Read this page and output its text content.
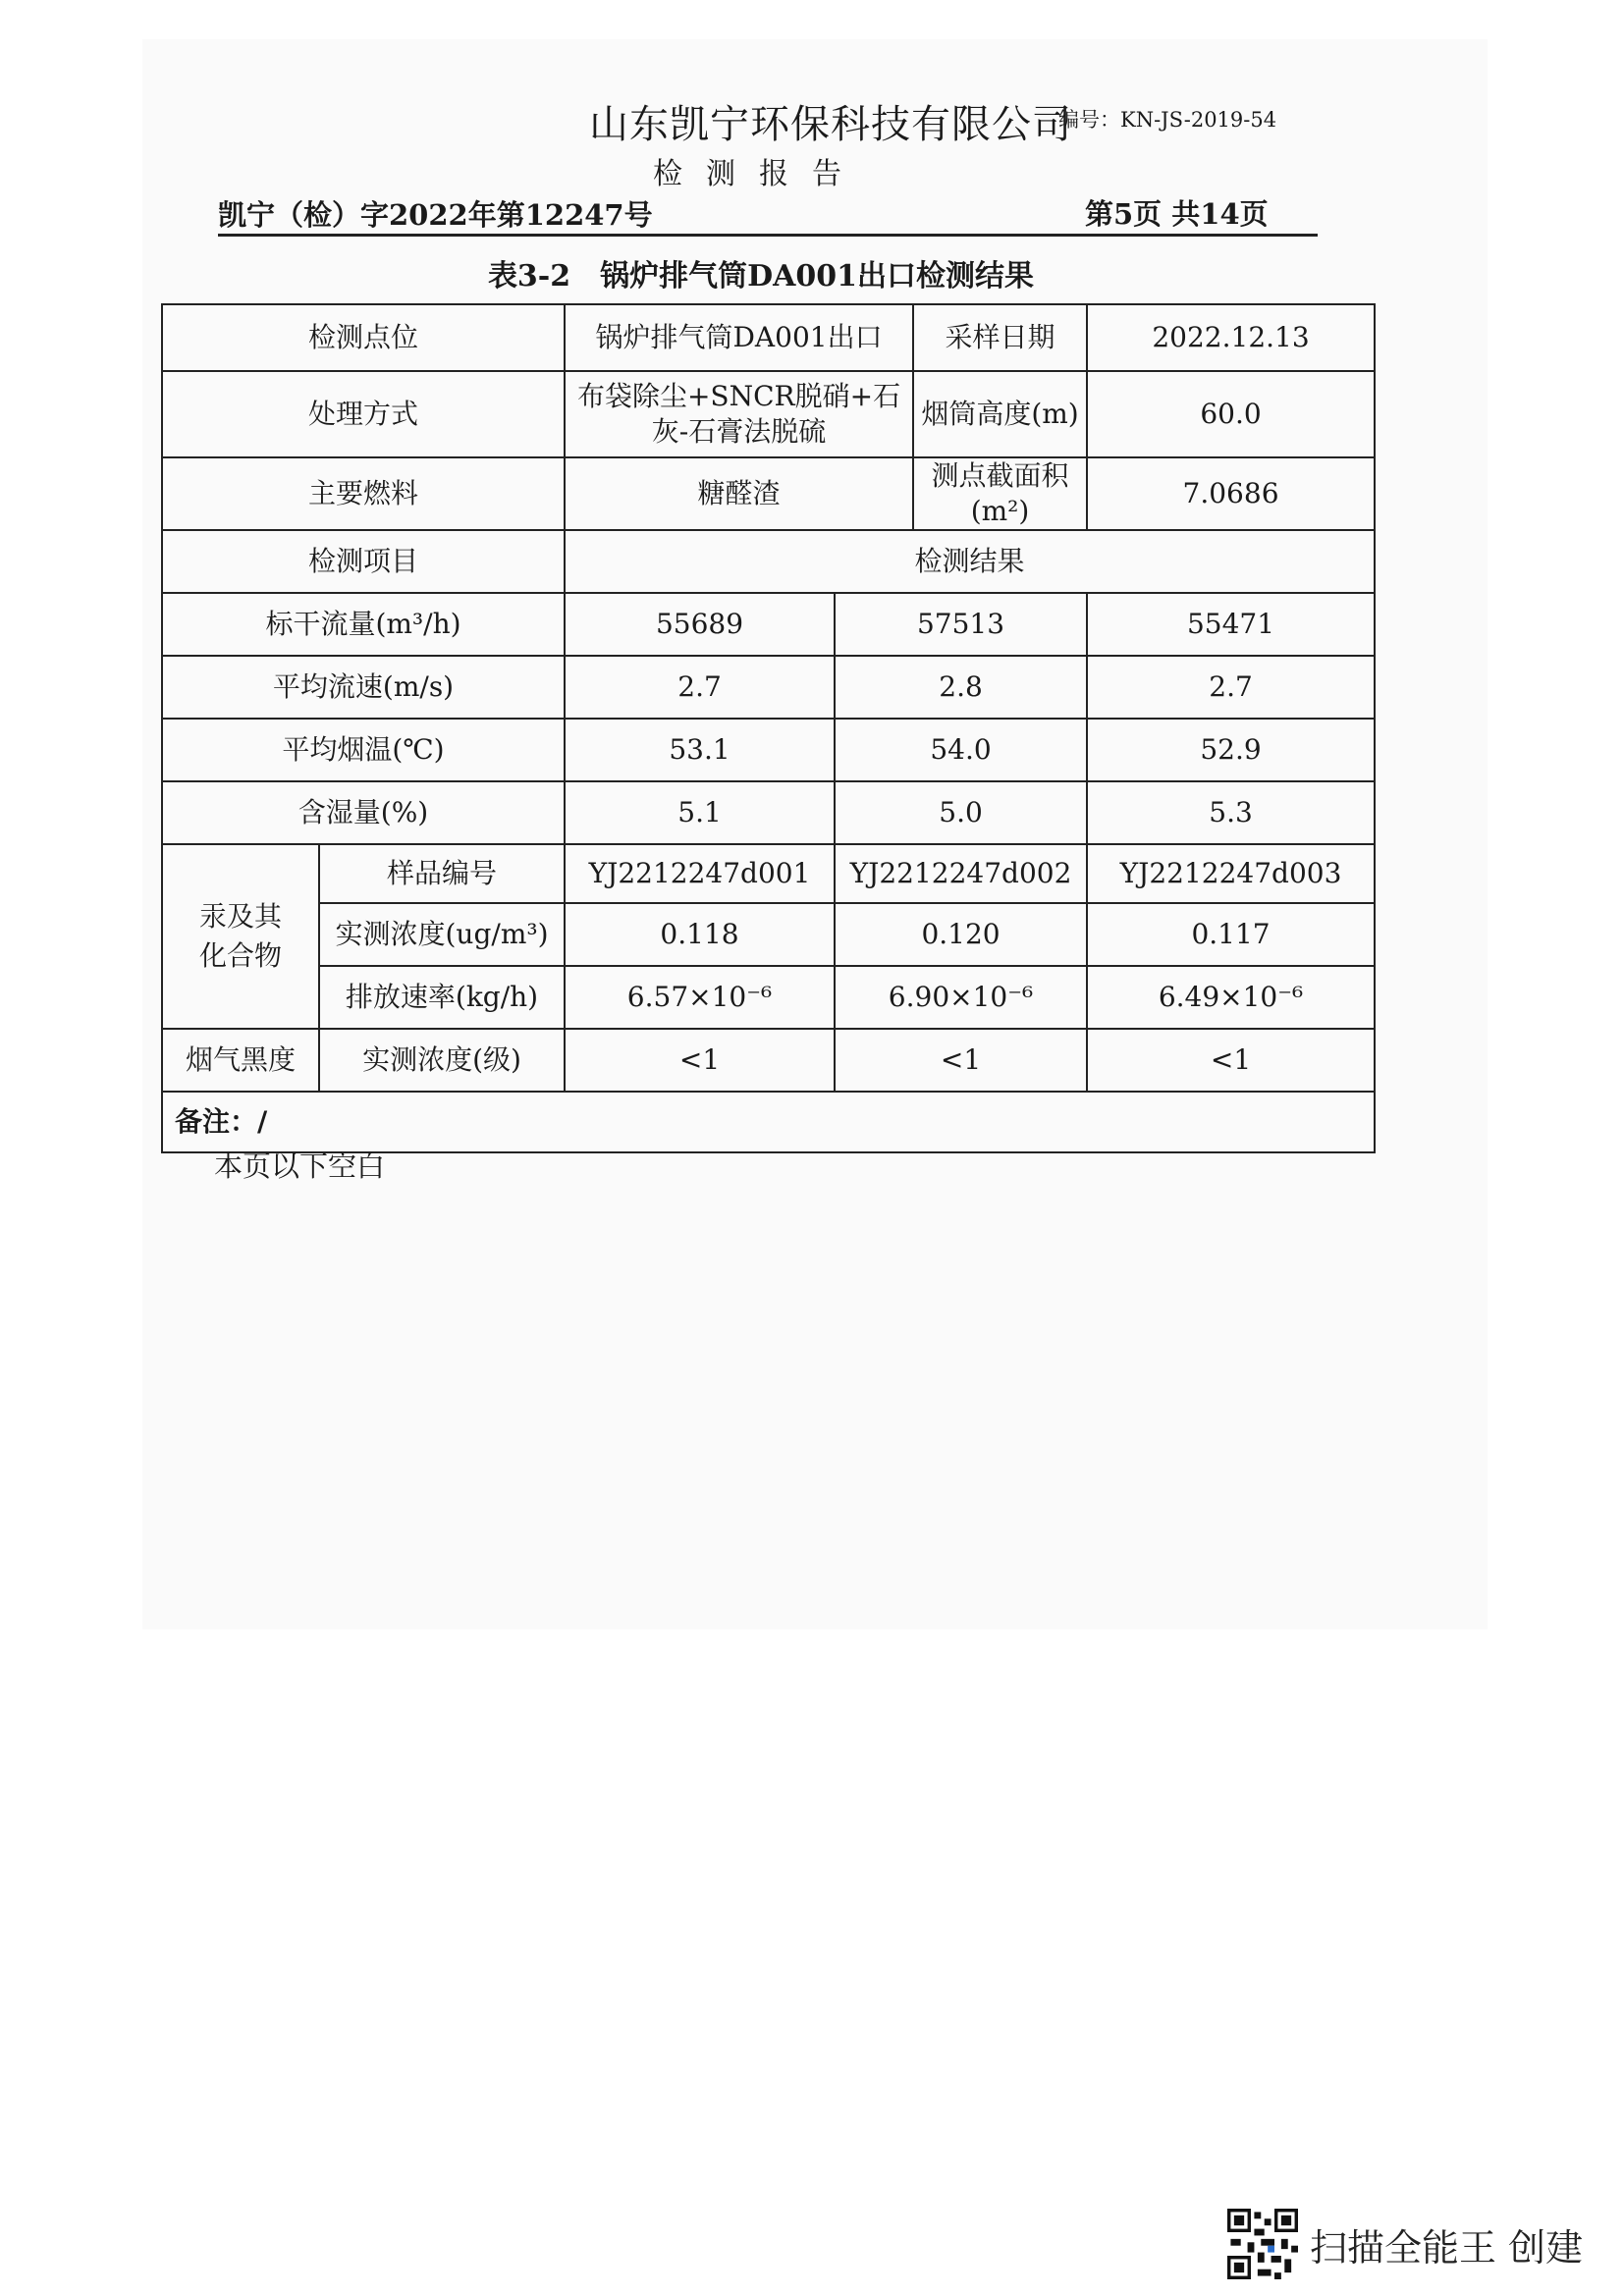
山东凯宁环保科技有限公司
编号：KN-JS-2019-54
检测报告
凯宁（检）字2022年第12247号	第5页 共14页
表3-2　锅炉排气筒DA001出口检测结果
检测点位		锅炉排气筒DA001出口		采样日期	2022.12.13
处理方式		布袋除尘+SNCR脱硝+石灰-石膏法脱硫		烟筒高度(m)	60.0
主要燃料		糖醛渣		测点截面积(m²)	7.0686
检测项目		检测结果			
标干流量(m³/h)		55689	57513		55471
平均流速(m/s)		2.7	2.8		2.7
平均烟温(℃)		53.1	54.0		52.9
含湿量(%)		5.1	5.0		5.3

汞及其化合物	样品编号	YJ2212247d001	YJ2212247d002		YJ2212247d003
	实测浓度(ug/m³)	0.118	0.120		0.117
	排放速率(kg/h)	6.57×10⁻⁶	6.90×10⁻⁶		6.49×10⁻⁶
烟气黑度	实测浓度(级)	<1	<1		<1
备注：/					
本页以下空白
扫描全能王 创建
